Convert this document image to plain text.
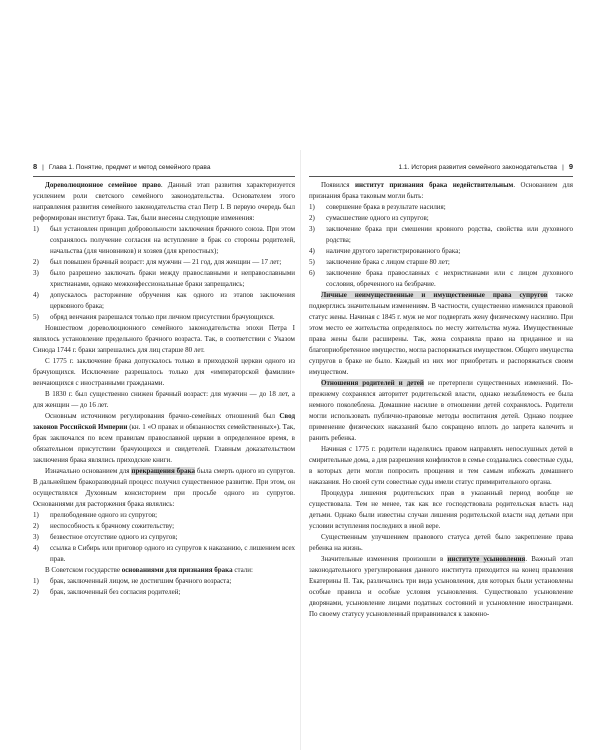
8 | Глава 1. Понятие, предмет и метод семейного права

Дореволюционное семейное право. Данный этап развития характеризуется усилением роли светского семейного законодательства. Основателем этого направления развития семейного законодательства стал Петр I. В первую очередь был реформирован институт брака. Так, были внесены следующие изменения:

1)	был установлен принцип добровольности заключения брачного союза. При этом сохранялось получение согласия на вступление в брак со стороны родителей, начальства (для чиновников) и хозяев (для крепостных);
2)	был повышен брачный возраст: для мужчин — 21 год, для женщин — 17 лет;
3)	было разрешено заключать браки между православными и неправославными христианами, однако межконфессиональные браки запрещались;
4)	допускалось расторжение обручения как одного из этапов заключения церковного брака;
5)	обряд венчания разрешался только при личном присутствии брачующихся.

Новшеством дореволюционного семейного законодательства эпохи Петра I являлось установление предельного брачного возраста. Так, в соответствии с Указом Синода 1744 г. браки запрешались для лиц старше 80 лет.

С 1775 г. заключение брака допускалось только в приходской церкви одного из брачующихся. Исключение разрешалось только для «императорской фамилии» венчающихся с иностранными гражданами.

В 1830 г. был существенно снижен брачный возраст: для мужчин — до 18 лет, а для женщин — до 16 лет.

Основным источником регулирования брачно-семейных отношений был Свод законов Российской Империи (кн. 1 «О правах и обязанностях семейственных»). Так, брак заключался по всем правилам православной церкви в определенное время, в обязательном присутствии брачующихся и свидетелей. Главным доказательством заключения брака являлись приходские книги.

Изначально основанием для прекращения брака была смерть одного из супругов. В дальнейшем бракоразводный процесс получил существенное развитие. При этом, он осуществлялся Духовным консисторием при просьбе одного из супругов. Основаниями для расторжения брака являлись:

1)	прелюбодеяние одного из супругов;
2)	неспособность к брачному сожительству;
3)	безвестное отсутствие одного из супругов;
4)	ссылка в Сибирь или приговор одного из супругов к наказанию, с лишением всех прав.

В Советском государстве основаниями для признания брака стали:

1)	брак, заключенный лицом, не достигшим брачного возраста;
2)	брак, заключенный без согласия родителей;
1.1. История развития семейного законодательства | 9

Появился институт признания брака недействительным. Основанием для признания брака таковым могли быть:

1)	совершение брака в результате насилия;
2)	сумасшествие одного из супругов;
3)	заключение брака при смешении кровного родства, свойства или духовного родства;
4)	наличие другого зарегистрированного брака;
5)	заключение брака с лицом старше 80 лет;
6)	заключение брака православных с нехристианами или с лицом духовного сословия, обреченного на безбрачие.

Личные неимущественные и имущественные права супругов также подверглись значительным изменениям. В частности, существенно изменился правовой статус жены. Начиная с 1845 г. муж не мог подвергать жену физическому насилию. При этом место ее жительства определялось по месту жительства мужа. Имущественные права жены были расширены. Так, жена сохраняла право на приданное и на благоприобретенное имущество, могла распоряжаться имуществом. Общего имущества супругов в браке не было. Каждый из них мог приобретать и распоряжаться своим имуществом.

Отношения родителей и детей не претерпели существенных изменений. По-прежнему сохранялся авторитет родительской власти, однако незыблемость ее была немного поколеблена. Домашние насилие в отношении детей сохранялось. Родители могли использовать публично-правовые методы воспитания детей. Однако позднее применение физических наказаний было сокращено вплоть до запрета калечить и ранить ребенка.

Начиная с 1775 г. родители наделялись правом направлять непослушных детей в смирительные дома, а для разрешения конфликтов в семье создавались совестные суды, в которых дети могли попросить прощения и тем самым избежать домашнего наказания. Но своей сути совестные суды имели статус примирительного органа.

Процедура лишения родительских прав в указанный период вообще не существовала. Тем не менее, так как все господствовала родительская власть над детьми. Однако были известны случаи лишения родительской власти над детьми при условии вступления последних в иной вере.

Существенным улучшением правового статуса детей было закрепление права ребенка на жизнь.

Значительные изменения произошли в институте усыновления. Важный этап законодательного урегулирования данного института приходится на конец правления Екатерины II. Так, различались три вида усыновления, для которых были установлены особые правила и особые условия усыновления. Существовало усыновление дворянами, усыновление лицами податных состояний и усыновление иностранцами. По своему статусу усыновленный приравнивался к законно-
